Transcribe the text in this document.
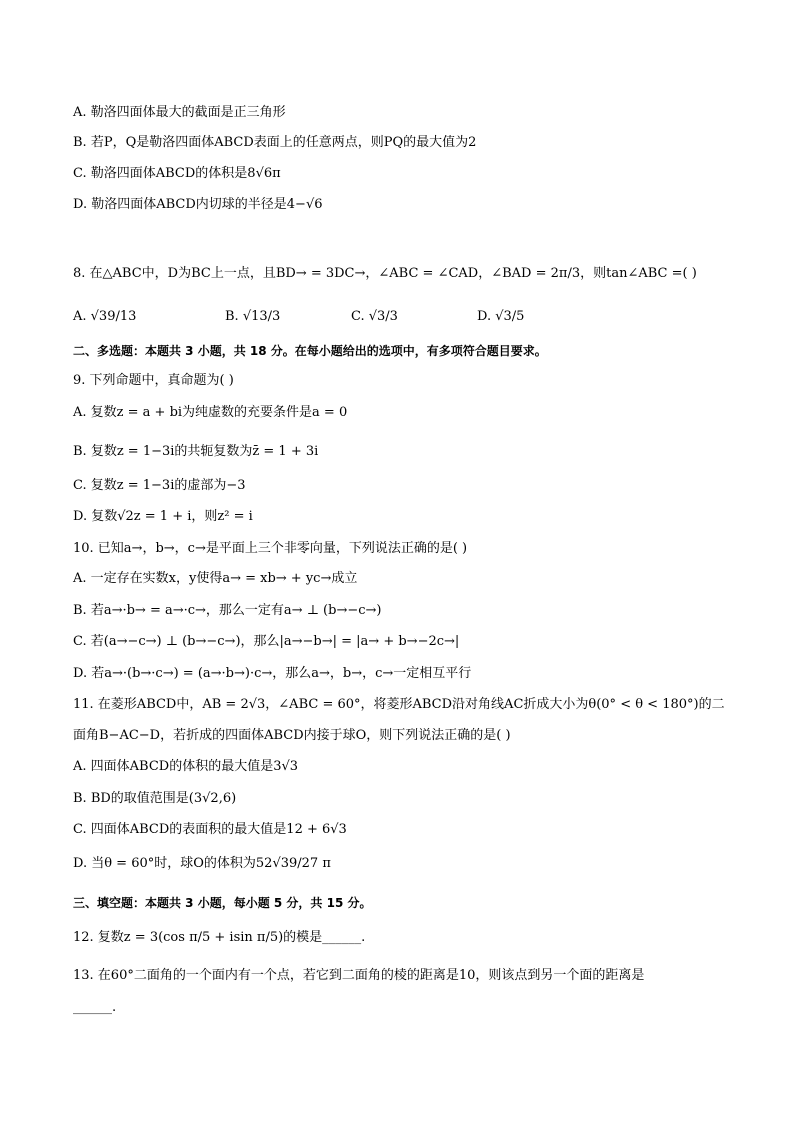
A. 勒洛四面体最大的截面是正三角形
B. 若P，Q是勒洛四面体ABCD表面上的任意两点，则PQ的最大值为2
C. 勒洛四面体ABCD的体积是8√6π
D. 勒洛四面体ABCD内切球的半径是4−√6
8. 在△ABC中，D为BC上一点，且BD→ = 3DC→，∠ABC = ∠CAD，∠BAD = 2π/3，则tan∠ABC =( )
A. √39/13	B. √13/3	C. √3/3	D. √3/5
二、多选题：本题共 3 小题，共 18 分。在每小题给出的选项中，有多项符合题目要求。
9. 下列命题中，真命题为( )
A. 复数z = a + bi为纯虚数的充要条件是a = 0
B. 复数z = 1−3i的共轭复数为z̄ = 1 + 3i
C. 复数z = 1−3i的虚部为−3
D. 复数√2z = 1 + i，则z² = i
10. 已知a→，b→，c→是平面上三个非零向量，下列说法正确的是( )
A. 一定存在实数x，y使得a→ = xb→ + yc→成立
B. 若a→·b→ = a→·c→，那么一定有a→ ⊥ (b→−c→)
C. 若(a→−c→) ⊥ (b→−c→)，那么|a→−b→| = |a→ + b→−2c→|
D. 若a→·(b→·c→) = (a→·b→)·c→，那么a→，b→，c→一定相互平行
11. 在菱形ABCD中，AB = 2√3，∠ABC = 60°，将菱形ABCD沿对角线AC折成大小为θ(0° < θ < 180°)的二
面角B−AC−D，若折成的四面体ABCD内接于球O，则下列说法正确的是( )
A. 四面体ABCD的体积的最大值是3√3
B. BD的取值范围是(3√2,6)
C. 四面体ABCD的表面积的最大值是12 + 6√3
D. 当θ = 60°时，球O的体积为52√39/27 π
三、填空题：本题共 3 小题，每小题 5 分，共 15 分。
12. 复数z = 3(cos π/5 + isin π/5)的模是______.
13. 在60°二面角的一个面内有一个点，若它到二面角的棱的距离是10，则该点到另一个面的距离是
______.
